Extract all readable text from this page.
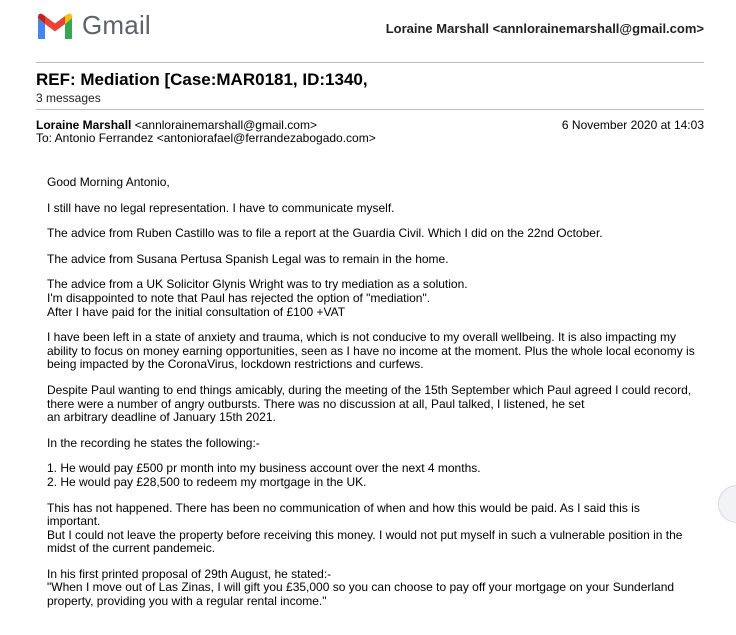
Gmail	Loraine Marshall <annlorainemarshall@gmail.com>
REF: Mediation [Case:MAR0181, ID:1340,
3 messages
Loraine Marshall <annlorainemarshall@gmail.com>	6 November 2020 at 14:03
To: Antonio Ferrandez <antoniorafael@ferrandezabogado.com>

Good Morning Antonio,

I still have no legal representation. I have to communicate myself.

The advice from Ruben Castillo was to file a report at the Guardia Civil. Which I did on the 22nd October.

The advice from Susana Pertusa Spanish Legal was to remain in the home.

The advice from a UK Solicitor Glynis Wright was to try mediation as a solution.
I'm disappointed to note that Paul has rejected the option of "mediation".
After I have paid for the initial consultation of £100 +VAT

I have been left in a state of anxiety and trauma, which is not conducive to my overall wellbeing. It is also impacting my
ability to focus on money earning opportunities, seen as I have no income at the moment. Plus the whole local economy is
being impacted by the CoronaVirus, lockdown restrictions and curfews.

Despite Paul wanting to end things amicably, during the meeting of the 15th September which Paul agreed I could record,
there were a number of angry outbursts. There was no discussion at all, Paul talked, I listened, he set
an arbitrary deadline of January 15th 2021.

In the recording he states the following:-

1. He would pay £500 pr month into my business account over the next 4 months.
2. He would pay £28,500 to redeem my mortgage in the UK.

This has not happened. There has been no communication of when and how this would be paid. As I said this is
important.
But I could not leave the property before receiving this money. I would not put myself in such a vulnerable position in the
midst of the current pandemeic.

In his first printed proposal of 29th August, he stated:-
"When I move out of Las Zinas, I will gift you £35,000 so you can choose to pay off your mortgage on your Sunderland
property, providing you with a regular rental income."
